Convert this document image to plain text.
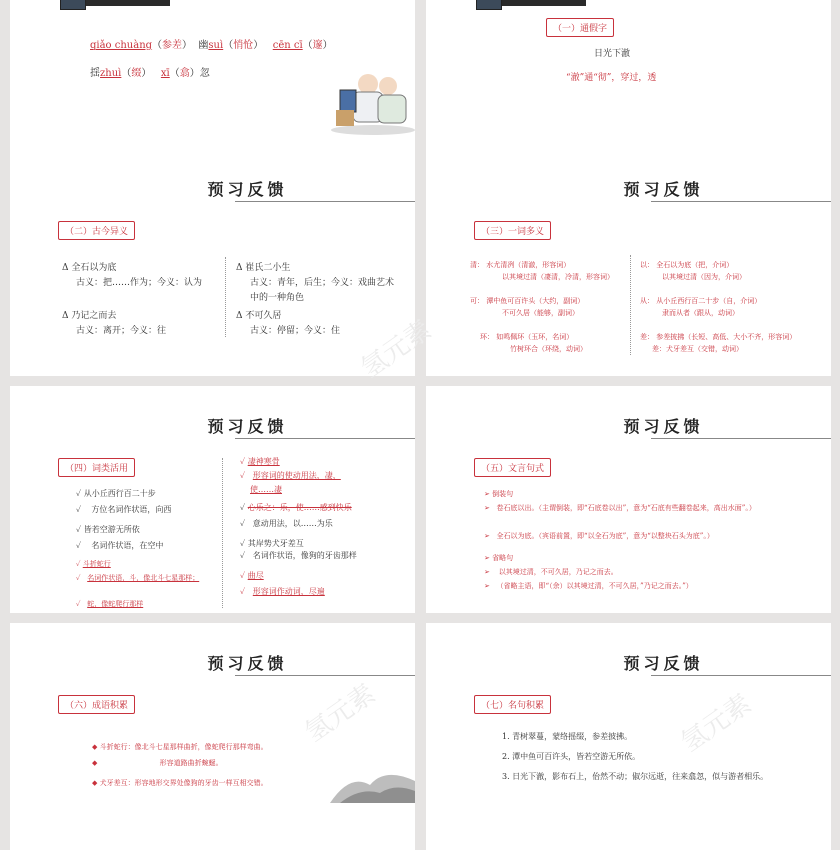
qiǎo chuàng（参差）  幽suì（悄怆）   cēn cī（邃）
揺zhuì（缀）   xī（翕）忽
（一）通假字
日光下澈
“澈”通“彻”，穿过，透
预习反馈
（二）古今异义
Δ 全石以为底
古义：把……作为；今义：认为
Δ 乃记之而去
古义：离开；今义：往
Δ 崔氏二小生
古义：青年，后生；今义：戏曲艺术中的一种角色
Δ 不可久居
古义：停留；今义：住
预习反馈
（三）一词多义
清： 水尤清冽（清澈，形容词）
以其境过清（凄清，冷清，形容词）
可： 潭中鱼可百许头（大约，副词）
不可久居（能够，副词）
环： 如鸣佩环（玉环，名词）
竹树环合（环绕，动词）
以： 全石以为底（把，介词）
以其境过清（因为，介词）
从： 从小丘西行百二十步（自，介词）
隶而从者（跟从，动词）
差： 参差披拂（长短、高低、大小不齐，形容词）
差：犬牙差互（交错，动词）
氢元素
预习反馈
（四）词类活用
✓ 从小丘西行百二十步
✓    方位名词作状语，向西
✓ 皆若空游无所依
✓    名词作状语，在空中
✓ 斗折蛇行
✓   名词作状语，斗，像北斗七星那样；
✓   蛇，像蛇爬行那样
✓ 凄神寒骨
✓   形容词的使动用法，凄，
使……凄
✓ 心乐之：乐，使……感到快乐
✓   意动用法，以……为乐
✓ 其岸势犬牙差互
✓   名词作状语，像狗的牙齿那样
✓ 曲尽
✓   形容词作动词，尽遍
预习反馈
（五）文言句式
➢ 倒装句
➢   卷石底以出。（主谓倒装，即“石底卷以出”，意为“石底有些翻卷起来，高出水面”。）
➢   全石以为底。（宾语前置，即“以全石为底”，意为“以整块石头为底”。）
➢ 省略句
➢    以其境过清，不可久居，乃记之而去。
➢   （省略主语，即“（余）以其境过清，不可久居，”乃记之而去。”）
预习反馈
（六）成语积累
◆ 斗折蛇行：像北斗七星那样曲折，像蛇爬行那样弯曲。
◆	形容道路曲折蜿蜒。
◆ 犬牙差互：形容地形交界处像狗的牙齿一样互相交错。
氢元素
预习反馈
（七）名句积累
1. 青树翠蔓，蒙络摇缀，参差披拂。
2. 潭中鱼可百许头，皆若空游无所依。
3. 日光下澈，影布石上，佁然不动；俶尔远逝，往来翕忽，似与游者相乐。
氢元素
